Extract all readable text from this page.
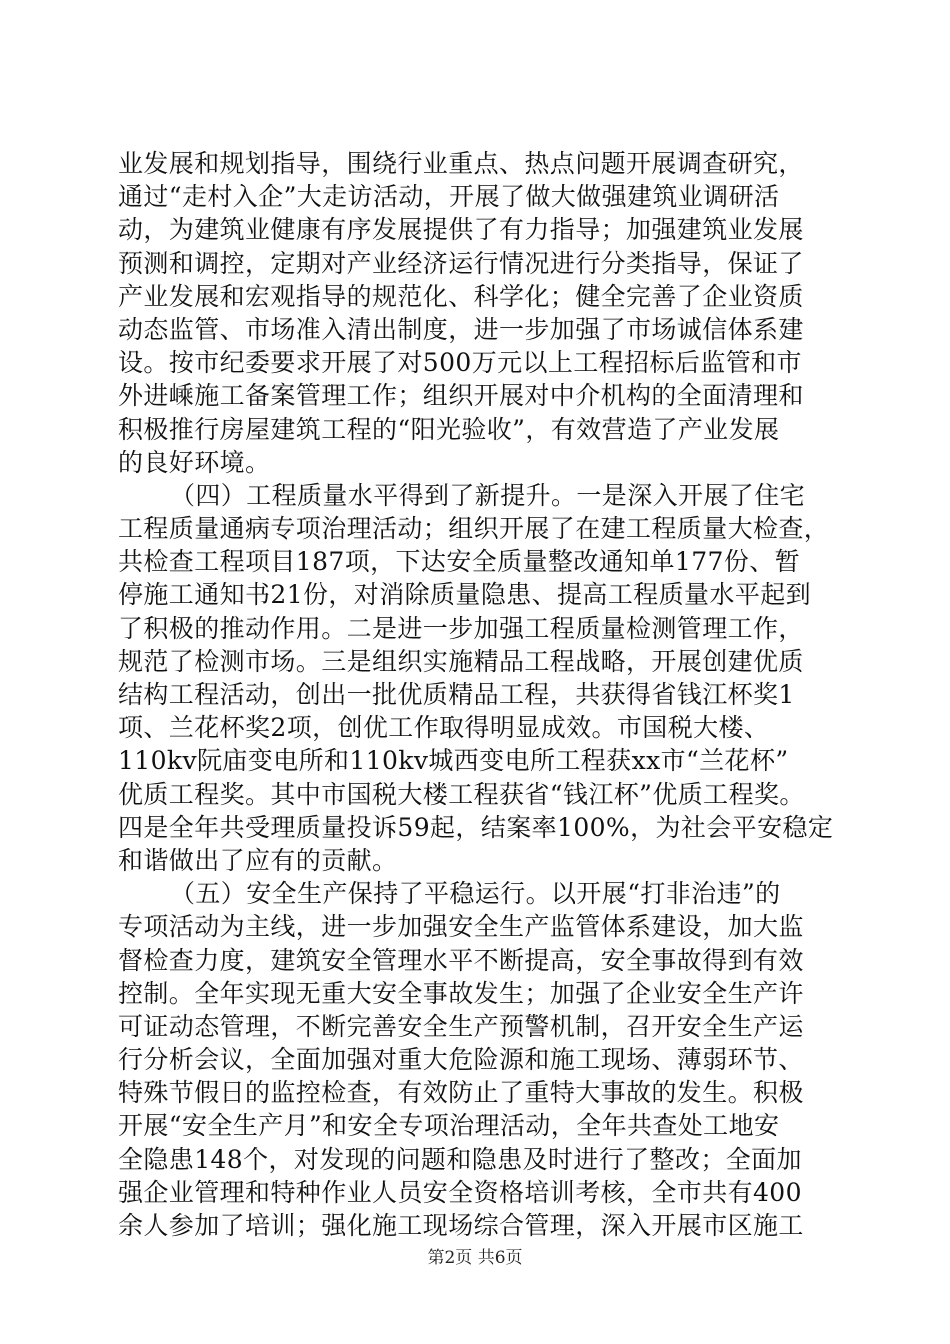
业发展和规划指导，围绕行业重点、热点问题开展调查研究，
通过“走村入企”大走访活动，开展了做大做强建筑业调研活
动，为建筑业健康有序发展提供了有力指导；加强建筑业发展
预测和调控，定期对产业经济运行情况进行分类指导，保证了
产业发展和宏观指导的规范化、科学化；健全完善了企业资质
动态监管、市场准入清出制度，进一步加强了市场诚信体系建
设。按市纪委要求开展了对500万元以上工程招标后监管和市
外进嵊施工备案管理工作；组织开展对中介机构的全面清理和
积极推行房屋建筑工程的“阳光验收”，有效营造了产业发展
的良好环境。
（四）工程质量水平得到了新提升。一是深入开展了住宅
工程质量通病专项治理活动；组织开展了在建工程质量大检查，
共检查工程项目187项，下达安全质量整改通知单177份、暂
停施工通知书21份，对消除质量隐患、提高工程质量水平起到
了积极的推动作用。二是进一步加强工程质量检测管理工作，
规范了检测市场。三是组织实施精品工程战略，开展创建优质
结构工程活动，创出一批优质精品工程，共获得省钱江杯奖1
项、兰花杯奖2项，创优工作取得明显成效。市国税大楼、
110kv阮庙变电所和110kv城西变电所工程获xx市“兰花杯”
优质工程奖。其中市国税大楼工程获省“钱江杯”优质工程奖。
四是全年共受理质量投诉59起，结案率100%，为社会平安稳定
和谐做出了应有的贡献。
（五）安全生产保持了平稳运行。以开展“打非治违”的
专项活动为主线，进一步加强安全生产监管体系建设，加大监
督检查力度，建筑安全管理水平不断提高，安全事故得到有效
控制。全年实现无重大安全事故发生；加强了企业安全生产许
可证动态管理，不断完善安全生产预警机制，召开安全生产运
行分析会议，全面加强对重大危险源和施工现场、薄弱环节、
特殊节假日的监控检查，有效防止了重特大事故的发生。积极
开展“安全生产月”和安全专项治理活动，全年共查处工地安
全隐患148个，对发现的问题和隐患及时进行了整改；全面加
强企业管理和特种作业人员安全资格培训考核，全市共有400
余人参加了培训；强化施工现场综合管理，深入开展市区施工
第2页 共6页
